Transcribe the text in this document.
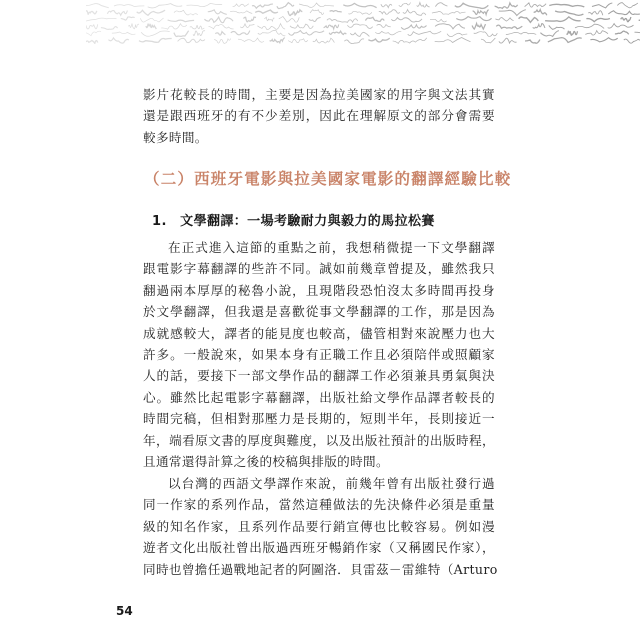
影片花較長的時間，主要是因為拉美國家的用字與文法其實
還是跟西班牙的有不少差別，因此在理解原文的部分會需要
較多時間。
（二）西班牙電影與拉美國家電影的翻譯經驗比較
1.　文學翻譯：一場考驗耐力與毅力的馬拉松賽
在正式進入這節的重點之前，我想稍微提一下文學翻譯
跟電影字幕翻譯的些許不同。誠如前幾章曾提及，雖然我只
翻過兩本厚厚的秘魯小說，且現階段恐怕沒太多時間再投身
於文學翻譯，但我還是喜歡從事文學翻譯的工作，那是因為
成就感較大，譯者的能見度也較高，儘管相對來說壓力也大
許多。一般說來，如果本身有正職工作且必須陪伴或照顧家
人的話，要接下一部文學作品的翻譯工作必須兼具勇氣與決
心。雖然比起電影字幕翻譯，出版社給文學作品譯者較長的
時間完稿，但相對那壓力是長期的，短則半年，長則接近一
年，端看原文書的厚度與難度，以及出版社預計的出版時程，
且通常還得計算之後的校稿與排版的時間。
以台灣的西語文學譯作來說，前幾年曾有出版社發行過
同一作家的系列作品，當然這種做法的先決條件必須是重量
級的知名作家，且系列作品要行銷宣傳也比較容易。例如漫
遊者文化出版社曾出版過西班牙暢銷作家（又稱國民作家），
同時也曾擔任過戰地記者的阿圖洛．貝雷茲－雷維特（Arturo
54
